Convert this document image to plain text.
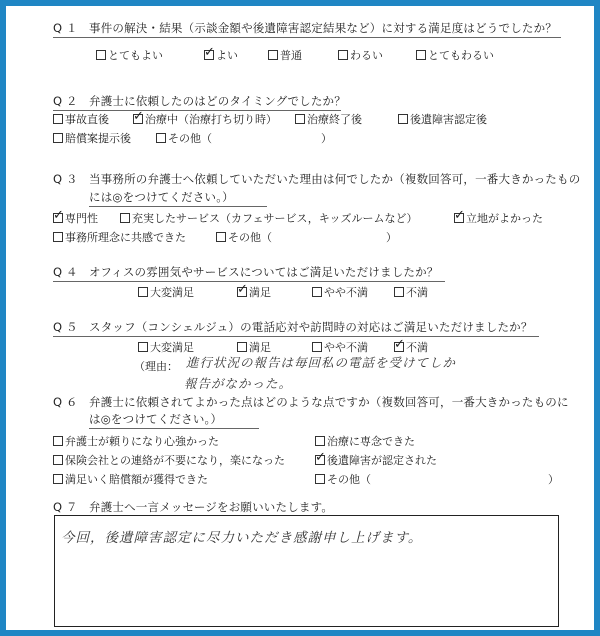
Q１ 事件の解決・結果（示談金額や後遺障害認定結果など）に対する満足度はどうでしたか？
とてもよい ✓	よい	普通	わるい	とてもわるい
Q２ 弁護士に依頼したのはどのタイミングでしたか？
事故直後 ✓	治療中（治療打ち切り時）	治療終了後	後遺障害認定後
賠償案提示後	その他（	）
Q３ 当事務所の弁護士へ依頼していただいた理由は何でしたか（複数回答可，一番大きかったもの
には◎をつけてください。）
✓専門性	充実したサービス（カフェサービス，キッズルームなど） ✓	立地がよかった
事務所理念に共感できた	その他（	）
Q４ オフィスの雰囲気やサービスについてはご満足いただけましたか？
大変満足 ✓	満足	やや不満	不満
Q５ スタッフ（コンシェルジュ）の電話応対や訪問時の対応はご満足いただけましたか？
大変満足	満足	やや不満 ✓	不満
（理由： 進行状況の報告は毎回私の電話を受けてしか
報告がなかった。
Q６ 弁護士に依頼されてよかった点はどのような点ですか（複数回答可，一番大きかったものに
は◎をつけてください。）
弁護士が頼りになり心強かった	治療に専念できた
保険会社との連絡が不要になり，楽になった ✓	後遺障害が認定された
満足いく賠償額が獲得できた	その他（	）
Q７ 弁護士へ一言メッセージをお願いいたします。
今回，後遺障害認定に尽力いただき感謝申し上げます。
